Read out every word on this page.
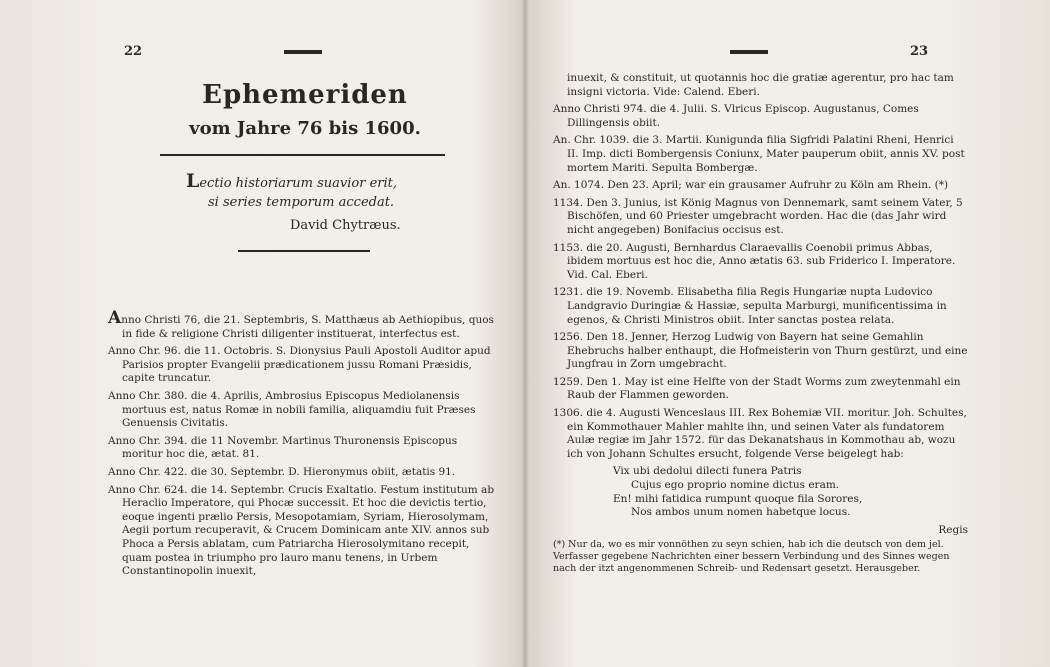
22
Ephemeriden
vom Jahre 76 bis 1600.
Lectio historiarum suavior erit,
si series temporum accedat.
David Chytræus.
Anno Christi 76, die 21. Septembris, S. Matthæus ab Aethiopibus, quos in fide & religione Christi diligenter instituerat, interfectus est.
Anno Chr. 96. die 11. Octobris. S. Dionysius Pauli Apostoli Auditor apud Parisios propter Evangelii prædicationem jussu Romani Præsidis, capite truncatur.
Anno Chr. 380. die 4. Aprilis, Ambrosius Episcopus Mediolanensis mortuus est, natus Romæ in nobili familia, aliquamdiu fuit Præses Genuensis Civitatis.
Anno Chr. 394. die 11 Novembr. Martinus Thuronensis Episcopus moritur hoc die, ætat. 81.
Anno Chr. 422. die 30. Septembr. D. Hieronymus obiit, ætatis 91.
Anno Chr. 624. die 14. Septembr. Crucis Exaltatio. Festum institutum ab Heraclio Imperatore, qui Phocæ successit. Et hoc die devictis tertio, eoque ingenti prælio Persis, Mesopotamiam, Syriam, Hierosolymam, Aegii portum recuperavit, & Crucem Dominicam ante XIV. annos sub Phoca a Persis ablatam, cum Patriarcha Hierosolymitano recepit, quam postea in triumpho pro lauro manu tenens, in Urbem Constantinopolin inuexit,
23
inuexit, & constituit, ut quotannis hoc die gratiæ agerentur, pro hac tam insigni victoria. Vide: Calend. Eberi.
Anno Christi 974. die 4. Julii. S. Vlricus Episcop. Augustanus, Comes Dillingensis obiit.
An. Chr. 1039. die 3. Martii. Kunigunda filia Sigfridi Palatini Rheni, Henrici II. Imp. dicti Bombergensis Coniunx, Mater pauperum obiit, annis XV. post mortem Mariti. Sepulta Bombergæ.
An. 1074. Den 23. April; war ein grausamer Aufruhr zu Köln am Rhein. (*)
1134. Den 3. Junius, ist König Magnus von Dennemark, samt seinem Vater, 5 Bischöfen, und 60 Priester umgebracht worden. Hac die (das Jahr wird nicht angegeben) Bonifacius occisus est.
1153. die 20. Augusti, Bernhardus Claraevallis Coenobii primus Abbas, ibidem mortuus est hoc die, Anno ætatis 63. sub Friderico I. Imperatore. Vid. Cal. Eberi.
1231. die 19. Novemb. Elisabetha filia Regis Hungariæ nupta Ludovico Landgravio Duringiæ & Hassiæ, sepulta Marburgi, munificentissima in egenos, & Christi Ministros obiit. Inter sanctas postea relata.
1256. Den 18. Jenner, Herzog Ludwig von Bayern hat seine Gemahlin Ehebruchs halber enthaupt, die Hofmeisterin von Thurn gestürzt, und eine Jungfrau in Zorn umgebracht.
1259. Den 1. May ist eine Helfte von der Stadt Worms zum zweytenmahl ein Raub der Flammen geworden.
1306. die 4. Augusti Wenceslaus III. Rex Bohemiæ VII. moritur. Joh. Schultes, ein Kommothauer Mahler mahlte ihn, und seinen Vater als fundatorem Aulæ regiæ im Jahr 1572. für das Dekanatshaus in Kommothau ab, wozu ich von Johann Schultes ersucht, folgende Verse beigelegt hab:
Vix ubi dedolui dilecti funera Patris
Cujus ego proprio nomine dictus eram.
En! mihi fatidica rumpunt quoque fila Sorores,
Nos ambos unum nomen habetque locus.
Regis
(*) Nur da, wo es mir vonnöthen zu seyn schien, hab ich die deutsch von dem jel. Verfasser gegebene Nachrichten einer bessern Verbindung und des Sinnes wegen nach der itzt angenommenen Schreib- und Redensart gesetzt. Herausgeber.
